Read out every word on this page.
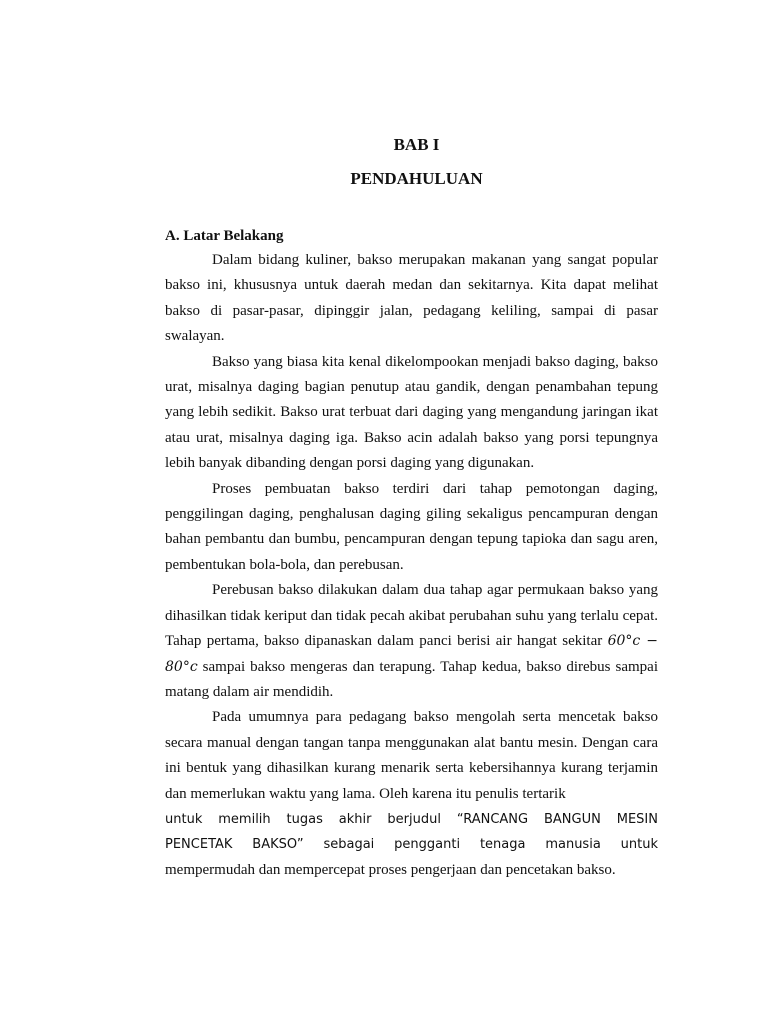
BAB I

PENDAHULUAN

A. Latar Belakang

Dalam bidang kuliner, bakso merupakan makanan yang sangat popular bakso ini, khususnya untuk daerah medan dan sekitarnya. Kita dapat melihat bakso di pasar-pasar, dipinggir jalan, pedagang keliling, sampai di pasar swalayan.

Bakso yang biasa kita kenal dikelompookan menjadi bakso daging, bakso urat, misalnya daging bagian penutup atau gandik, dengan penambahan tepung yang lebih sedikit. Bakso urat terbuat dari daging yang mengandung jaringan ikat atau urat, misalnya daging iga. Bakso acin adalah bakso yang porsi tepungnya lebih banyak dibanding dengan porsi daging yang digunakan.

Proses pembuatan bakso terdiri dari tahap pemotongan daging, penggilingan daging, penghalusan daging giling sekaligus pencampuran dengan bahan pembantu dan bumbu, pencampuran dengan tepung tapioka dan sagu aren, pembentukan bola-bola, dan perebusan.

Perebusan bakso dilakukan dalam dua tahap agar permukaan bakso yang dihasilkan tidak keriput dan tidak pecah akibat perubahan suhu yang terlalu cepat. Tahap pertama, bakso dipanaskan dalam panci berisi air hangat sekitar 60°c − 80°c sampai bakso mengeras dan terapung. Tahap kedua, bakso direbus sampai matang dalam air mendidih.

Pada umumnya para pedagang bakso mengolah serta mencetak bakso secara manual dengan tangan tanpa menggunakan alat bantu mesin. Dengan cara ini bentuk yang dihasilkan kurang menarik serta kebersihannya kurang terjamin dan memerlukan waktu yang lama. Oleh karena itu penulis tertarik
untuk memilih tugas akhir berjudul “RANCANG BANGUN MESIN
PENCETAK BAKSO” sebagai pengganti tenaga manusia untuk
mempermudah dan mempercepat proses pengerjaan dan pencetakan bakso.
